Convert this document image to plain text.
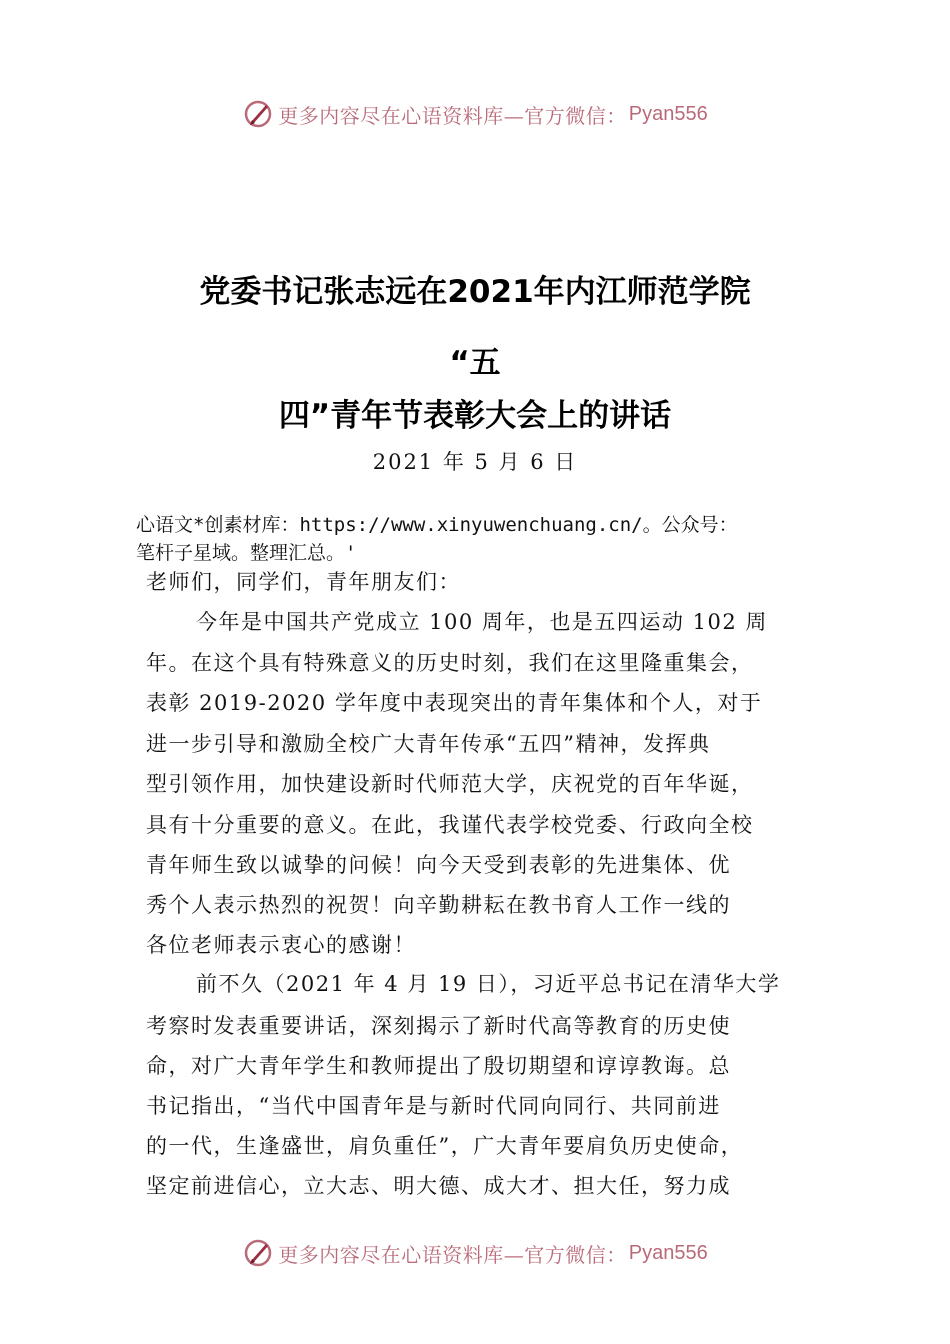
更多内容尽在心语资料库—官方微信： Pyan556
党委书记张志远在2021年内江师范学院
“五
四”青年节表彰大会上的讲话
2021 年 5 月 6 日
心语文*创素材库：https://www.xinyuwenchuang.cn/。公众号：
笔杆子星域。整理汇总。'
老师们，同学们，青年朋友们：
今年是中国共产党成立 100 周年，也是五四运动 102 周
年。在这个具有特殊意义的历史时刻，我们在这里隆重集会，
表彰 2019-2020 学年度中表现突出的青年集体和个人，对于
进一步引导和激励全校广大青年传承“五四”精神，发挥典
型引领作用，加快建设新时代师范大学，庆祝党的百年华诞，
具有十分重要的意义。在此，我谨代表学校党委、行政向全校
青年师生致以诚挚的问候！向今天受到表彰的先进集体、优
秀个人表示热烈的祝贺！向辛勤耕耘在教书育人工作一线的
各位老师表示衷心的感谢！
前不久（2021 年 4 月 19 日），习近平总书记在清华大学
考察时发表重要讲话，深刻揭示了新时代高等教育的历史使
命，对广大青年学生和教师提出了殷切期望和谆谆教诲。总
书记指出，“当代中国青年是与新时代同向同行、共同前进
的一代，生逢盛世，肩负重任”，广大青年要肩负历史使命，
坚定前进信心，立大志、明大德、成大才、担大任，努力成
更多内容尽在心语资料库—官方微信： Pyan556
